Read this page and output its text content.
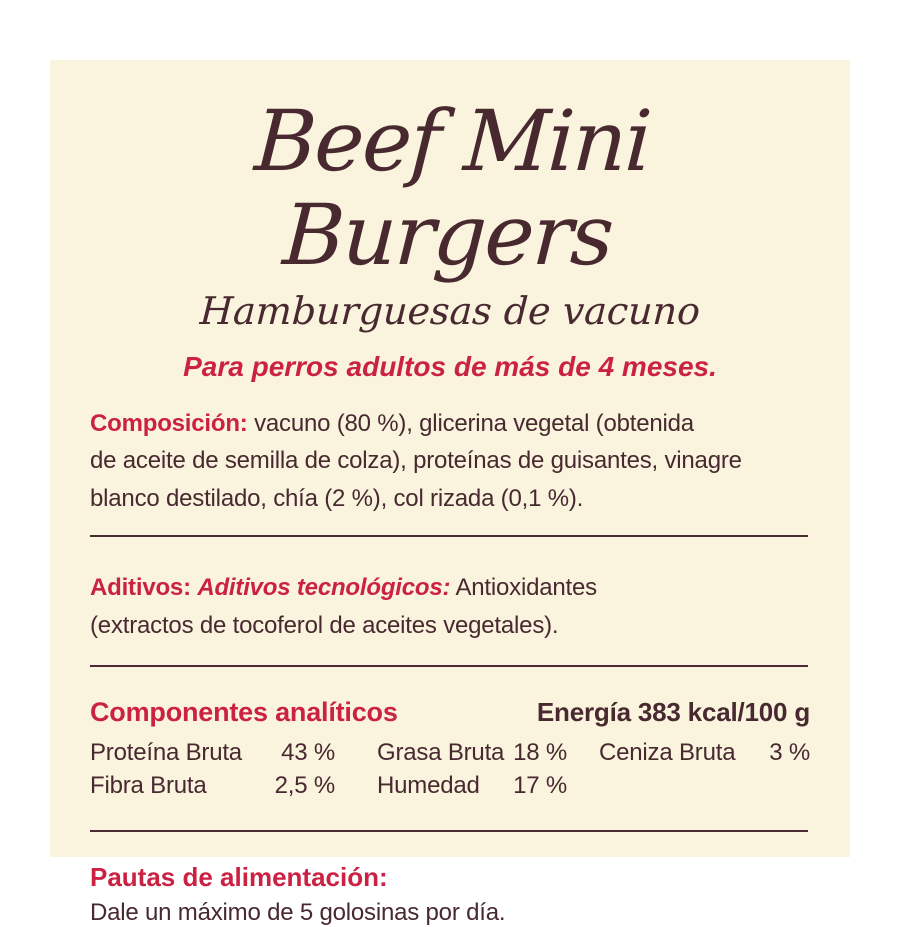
Beef Mini Burgers
Hamburguesas de vacuno
Para perros adultos de más de 4 meses.
Composición: vacuno (80 %), glicerina vegetal (obtenida
de aceite de semilla de colza), proteínas de guisantes, vinagre
blanco destilado, chía (2 %), col rizada (0,1 %).
Aditivos: Aditivos tecnológicos: Antioxidantes
(extractos de tocoferol de aceites vegetales).
Componentes analíticos	Energía 383 kcal/100 g
Proteína Bruta	43 % Grasa Bruta 18 % Ceniza Bruta	3 %
Fibra Bruta	2,5 % Humedad	17 %
Pautas de alimentación:
Dale un máximo de 5 golosinas por día.
